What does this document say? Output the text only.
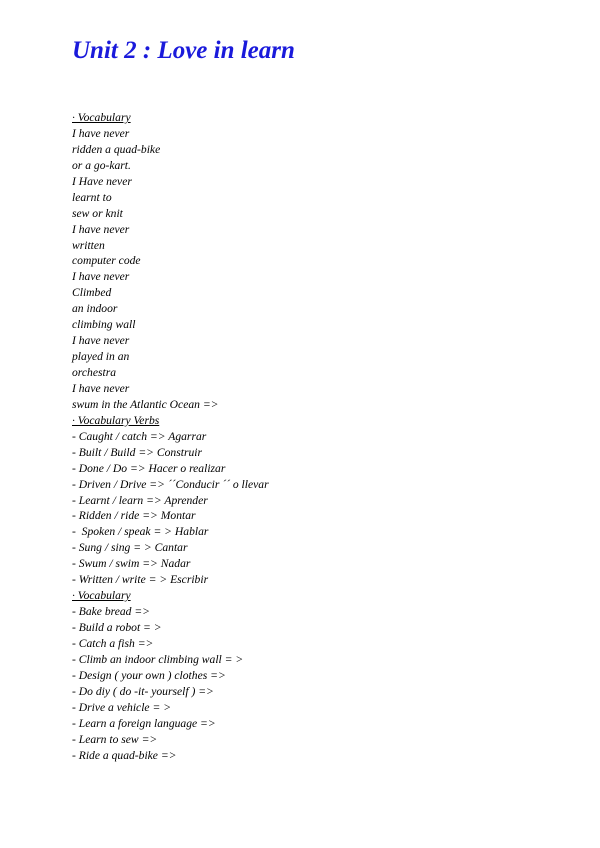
Unit 2 : Love in learn
· Vocabulary
I have never
ridden a quad-bike
or a go-kart.
I Have never
learnt to
sew or knit
I have never
written
computer code
I have never
Climbed
an indoor
climbing wall
I have never
played in an
orchestra
I have never
swum in the Atlantic Ocean =>
· Vocabulary Verbs
- Caught / catch => Agarrar
- Built / Build => Construir
- Done / Do => Hacer o realizar
- Driven / Drive => ´´Conducir ´´ o llevar
- Learnt / learn => Aprender
- Ridden / ride => Montar
-  Spoken / speak = > Hablar
- Sung / sing = > Cantar
- Swum / swim => Nadar
- Written / write = > Escribir
· Vocabulary
- Bake bread =>
- Build a robot = >
- Catch a fish =>
- Climb an indoor climbing wall = >
- Design ( your own ) clothes =>
- Do diy ( do -it- yourself ) =>
- Drive a vehicle = >
- Learn a foreign language =>
- Learn to sew =>
- Ride a quad-bike =>
